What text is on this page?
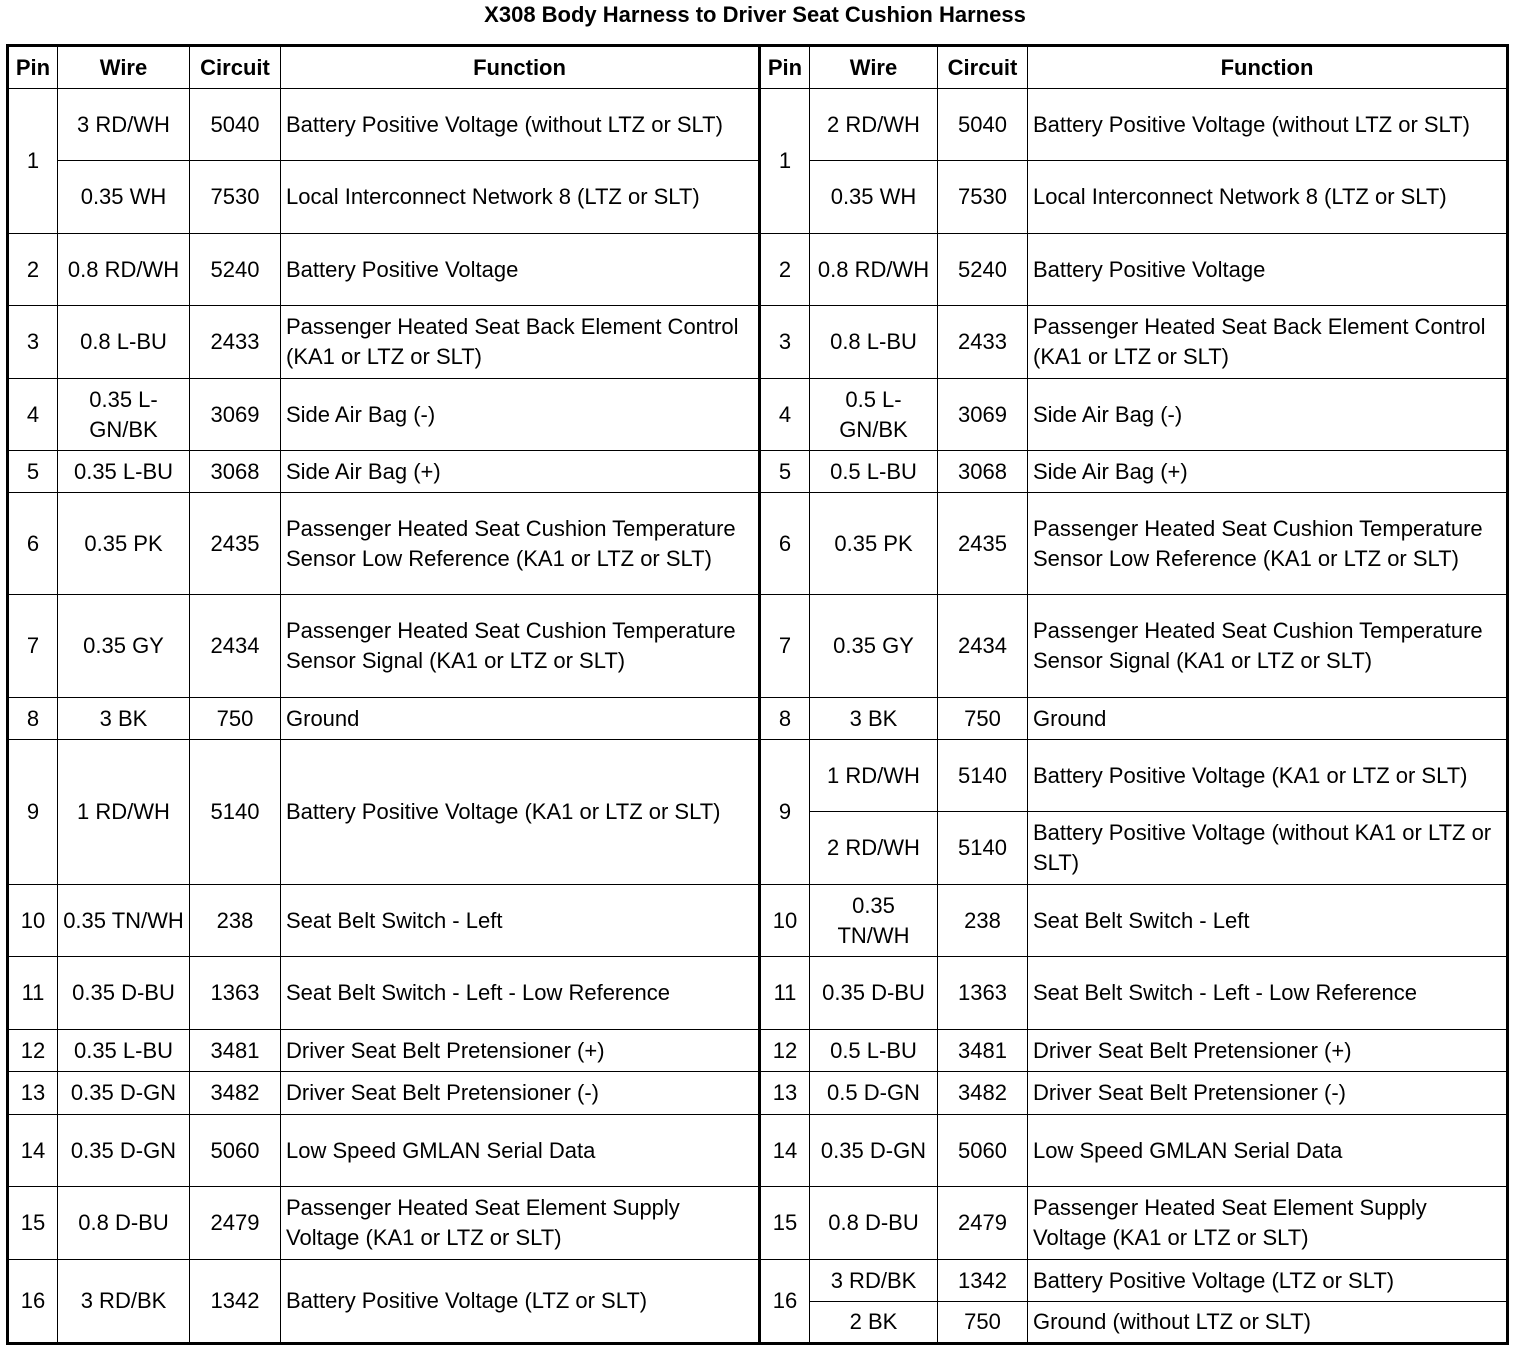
X308 Body Harness to Driver Seat Cushion Harness
Pin	Wire	Circuit	Function	Pin	Wire	Circuit	Function
1	3 RD/WH	5040	Battery Positive Voltage (without LTZ or SLT)	1	2 RD/WH	5040	Battery Positive Voltage (without LTZ or SLT)
	0.35 WH	7530	Local Interconnect Network 8 (LTZ or SLT)		0.35 WH	7530	Local Interconnect Network 8 (LTZ or SLT)
2	0.8 RD/WH	5240	Battery Positive Voltage	2	0.8 RD/WH	5240	Battery Positive Voltage
3	0.8 L-BU	2433	Passenger Heated Seat Back Element Control (KA1 or LTZ or SLT)	3	0.8 L-BU	2433	Passenger Heated Seat Back Element Control (KA1 or LTZ or SLT)
4	0.35 L-GN/BK	3069	Side Air Bag (-)	4	0.5 L-GN/BK	3069	Side Air Bag (-)
5	0.35 L-BU	3068	Side Air Bag (+)	5	0.5 L-BU	3068	Side Air Bag (+)
6	0.35 PK	2435	Passenger Heated Seat Cushion Temperature Sensor Low Reference (KA1 or LTZ or SLT)	6	0.35 PK	2435	Passenger Heated Seat Cushion Temperature Sensor Low Reference (KA1 or LTZ or SLT)
7	0.35 GY	2434	Passenger Heated Seat Cushion Temperature Sensor Signal (KA1 or LTZ or SLT)	7	0.35 GY	2434	Passenger Heated Seat Cushion Temperature Sensor Signal (KA1 or LTZ or SLT)
8	3 BK	750	Ground	8	3 BK	750	Ground
9	1 RD/WH	5140	Battery Positive Voltage (KA1 or LTZ or SLT)	9	1 RD/WH	5140	Battery Positive Voltage (KA1 or LTZ or SLT)
					2 RD/WH	5140	Battery Positive Voltage (without KA1 or LTZ or SLT)
10	0.35 TN/WH	238	Seat Belt Switch - Left	10	0.35 TN/WH	238	Seat Belt Switch - Left
11	0.35 D-BU	1363	Seat Belt Switch - Left - Low Reference	11	0.35 D-BU	1363	Seat Belt Switch - Left - Low Reference
12	0.35 L-BU	3481	Driver Seat Belt Pretensioner (+)	12	0.5 L-BU	3481	Driver Seat Belt Pretensioner (+)
13	0.35 D-GN	3482	Driver Seat Belt Pretensioner (-)	13	0.5 D-GN	3482	Driver Seat Belt Pretensioner (-)
14	0.35 D-GN	5060	Low Speed GMLAN Serial Data	14	0.35 D-GN	5060	Low Speed GMLAN Serial Data
15	0.8 D-BU	2479	Passenger Heated Seat Element Supply Voltage (KA1 or LTZ or SLT)	15	0.8 D-BU	2479	Passenger Heated Seat Element Supply Voltage (KA1 or LTZ or SLT)
16	3 RD/BK	1342	Battery Positive Voltage (LTZ or SLT)	16	3 RD/BK	1342	Battery Positive Voltage (LTZ or SLT)
					2 BK	750	Ground (without LTZ or SLT)
